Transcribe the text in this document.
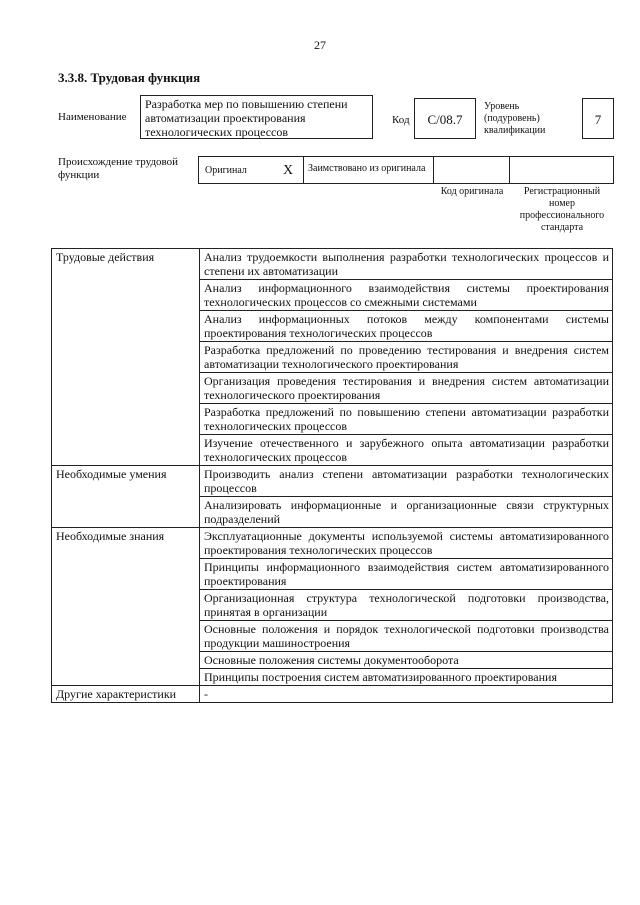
27
3.3.8. Трудовая функция
Наименование
Разработка мер по повышению степени автоматизации проектирования технологических процессов
Код	С/08.7
Уровень (подуровень) квалификации
7
Происхождение трудовой функции	Оригинал	X	Заимствовано из оригинала
Код оригинала	Регистрационный номер профессионального стандарта
Трудовые действия	Анализ трудоемкости выполнения разработки технологических процессов и степени их автоматизации
	Анализ информационного взаимодействия системы проектирования технологических процессов со смежными системами
	Анализ информационных потоков между компонентами системы проектирования технологических процессов
	Разработка предложений по проведению тестирования и внедрения систем автоматизации технологического проектирования
	Организация проведения тестирования и внедрения систем автоматизации технологического проектирования
	Разработка предложений по повышению степени автоматизации разработки технологических процессов
	Изучение отечественного и зарубежного опыта автоматизации разработки технологических процессов
Необходимые умения	Производить анализ степени автоматизации разработки технологических процессов
	Анализировать информационные и организационные связи структурных подразделений
Необходимые знания	Эксплуатационные документы используемой системы автоматизированного проектирования технологических процессов
	Принципы информационного взаимодействия систем автоматизированного проектирования
	Организационная структура технологической подготовки производства, принятая в организации
	Основные положения и порядок технологической подготовки производства продукции машиностроения
	Основные положения системы документооборота
	Принципы построения систем автоматизированного проектирования
Другие характеристики	-
